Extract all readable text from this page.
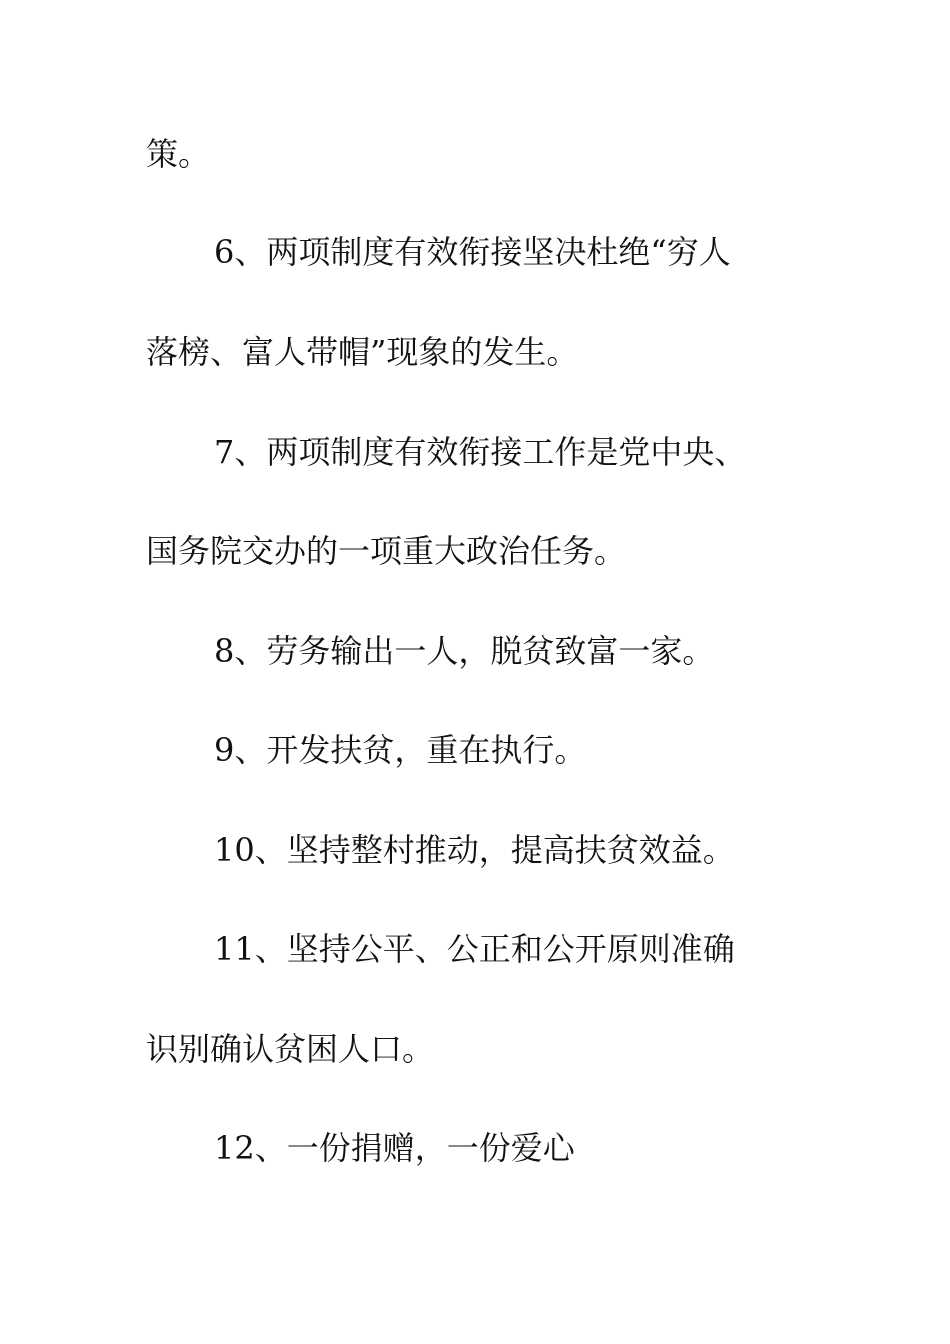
策。

6、两项制度有效衔接坚决杜绝“穷人

落榜、富人带帽”现象的发生。

7、两项制度有效衔接工作是党中央、

国务院交办的一项重大政治任务。

8、劳务输出一人，脱贫致富一家。

9、开发扶贫，重在执行。

10、坚持整村推动，提高扶贫效益。

11、坚持公平、公正和公开原则准确

识别确认贫困人口。

12、一份捐赠，一份爱心
